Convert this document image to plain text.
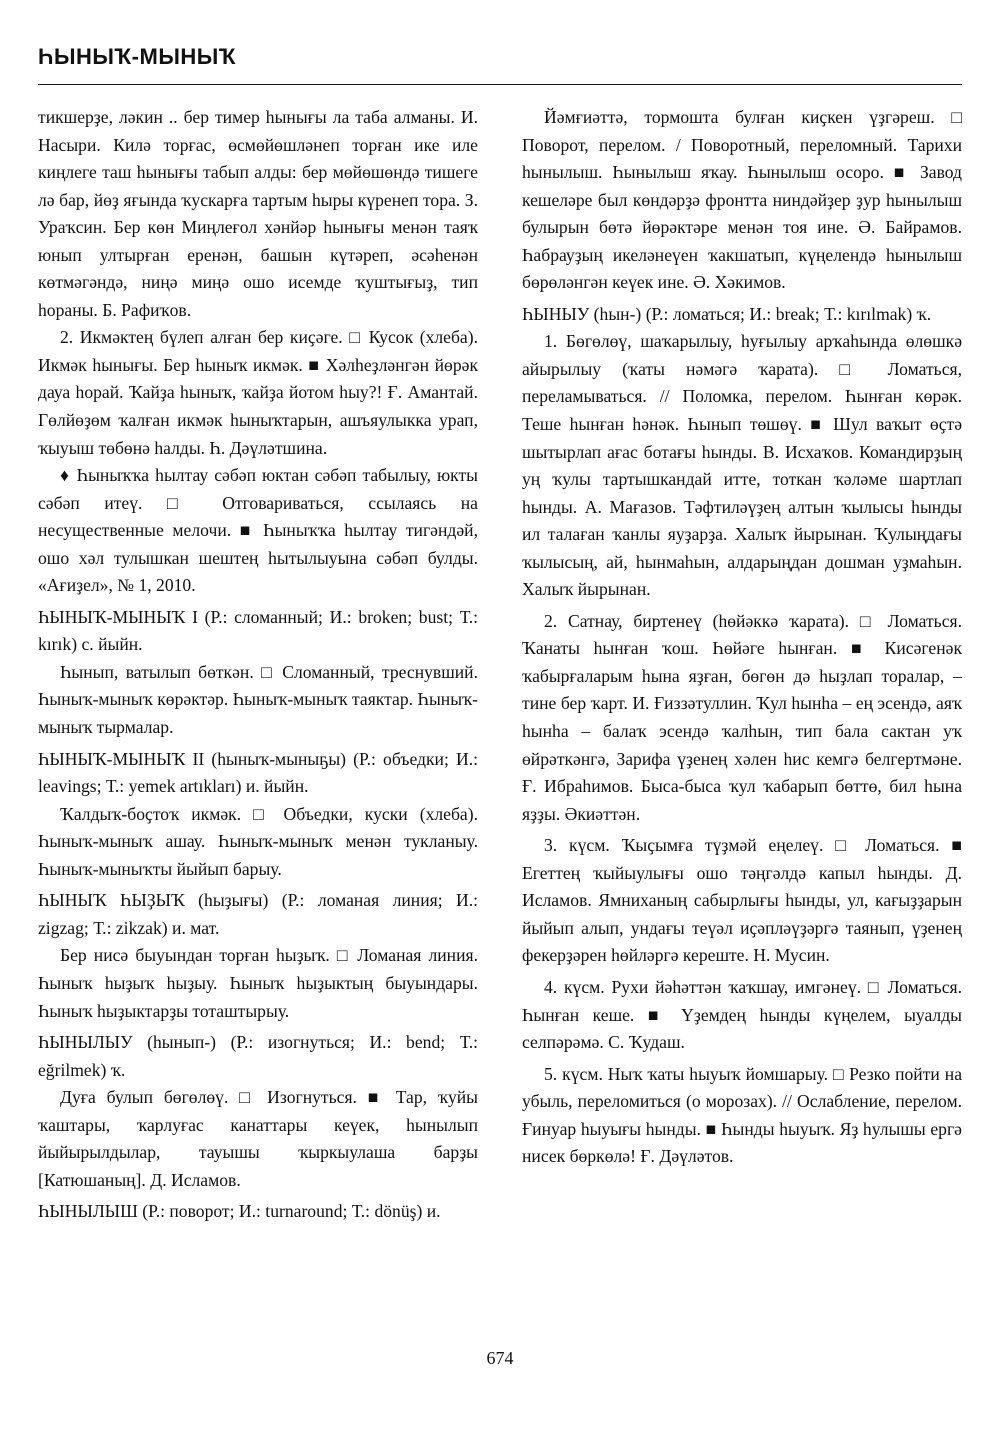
ҺЫНЫҠ-МЫНЫҠ

тикшерҙе, ләкин .. бер тимер һынығы ла таба алманы. И. Насыри. Килә торғас, өсмөйөшләнеп торған ике иле киңлеге таш һынығы табып алды: бер мөйөшөндә тишеге лә бар, йөҙ яғында ҡускарға тартым һыры күренеп тора. З. Ураҡсин. Бер көн Миңлеғол хәнйәр һынығы менән таяҡ юнып ултырған еренән, башын күтәреп, әсәһенән көтмәгәндә, ниңә миңә ошо исемде ҡуштығыҙ, тип һораны. Б. Рафиҡов.

2. Икмәктең бүлеп алған бер киҫәге. □ Кусок (хлеба). Икмәк һынығы. Бер һыныҡ икмәк. ■ Хәлһеҙләнгән йөрәк дауа һорай. Ҡайҙа һыныҡ, ҡайҙа йотом һыу?! Ғ. Амантай. Гөлйөҙөм ҡалған икмәк һыныҡтарын, ашъяулыкка урап, ҡыуыш төбөнә һалды. Һ. Дәүләтшина.

♦ Һыныҡҡа һылтау сәбәп юктан сәбәп табылыу, юкты сәбәп итеү. □ Отговариваться, ссылаясь на несущественные мелочи. ■ Һыныҡҡа һылтау тигәндәй, ошо хәл тулышкан шештең һытылыуына сәбәп булды. «Ағиҙел», № 1, 2010.

ҺЫНЫҠ-МЫНЫҠ I (Р.: сломанный; И.: broken; bust; Т.: kırık) с. йыйн.

Һынып, ватылып бөткән. □ Сломанный, треснувший. Һыныҡ-мыныҡ көрәктәр. Һыныҡ-мыныҡ таяктар. Һыныҡ-мыныҡ тырмалар.

ҺЫНЫҠ-МЫНЫҠ II (һыныҡ-мыныҕы) (Р.: объедки; И.: leavings; Т.: yemek artıkları) и. йыйн.

Ҡалдыҡ-боҫтоҡ икмәк. □ Объедки, куски (хлеба). Һыныҡ-мыныҡ ашау. Һыныҡ-мыныҡ менән тукланыу. Һыныҡ-мыныҡты йыйып барыу.

ҺЫНЫҠ ҺЫҘЫҠ (һыҙығы) (Р.: ломаная линия; И.: zigzag; Т.: zikzak) и. мат.

Бер нисә быуындан торған һыҙыҡ. □ Ломаная линия. Һыныҡ һыҙыҡ һыҙыу. Һыныҡ һыҙыктың быуындары. Һыныҡ һыҙыктарҙы тоташтырыу.

ҺЫНЫЛЫУ (һынып-) (Р.: изогнуться; И.: bend; Т.: eğrilmek) ҡ.

Дуға булып бөгөлөү. □ Изогнуться. ■ Тар, ҡуйы ҡаштары, ҡарлуғас канаттары кеүек, һынылып йыйырылдылар, тауышы ҡыркыулаша барҙы [Катюшаның]. Д. Исламов.

ҺЫНЫЛЫШ (Р.: поворот; И.: turnaround; Т.: dönüş) и.

Йәмғиәттә, тормошта булған киҫкен үҙгәреш. □ Поворот, перелом. / Поворотный, переломный. Тарихи һынылыш. Һынылыш яҡау. Һынылыш осоро. ■ Завод кешеләре был көндәрҙә фронтта ниндәйҙер ҙур һынылыш булырын бөтә йөрәктәре менән тоя ине. Ә. Байрамов. Һабрауҙың икеләнеүен ҡакшатып, күңелендә һынылыш бөрөләнгән кеүек ине. Ә. Хәкимов.

ҺЫНЫУ (һын-) (Р.: ломаться; И.: break; Т.: kırılmak) ҡ.

1. Бөгөлөү, шаҡарылыу, һуғылыу арҡаһында өлөшкә айырылыу (ҡаты нәмәгә ҡарата). □ Ломаться, переламываться. // Поломка, перелом. Һынған көрәк. Теше һынған һәнәк. Һынып төшөү. ■ Шул ваҡыт өҫтә шытырлап ағас ботағы һынды. В. Исхаҡов. Командирҙың уң ҡулы тартышкандай итте, тоткан ҡәләме шартлап һынды. А. Мағазов. Тәфтиләүҙең алтын ҡылысы һынды ил талаған ҡанлы яуҙарҙа. Халыҡ йырынан. Ҡулыңдағы ҡылысың, ай, һынмаһын, алдарыңдан дошман уҙмаһын. Халыҡ йырынан.

2. Сатнау, биртенеү (һөйәккә ҡарата). □ Ломаться. Ҡанаты һынған ҡош. Һөйәге һынған. ■ Кисәгенәк ҡабырғаларым һына яҙған, бөгөн дә һыҙлап торалар, – тине бер ҡарт. И. Ғиззәтуллин. Ҡул һынһа – ең эсендә, аяҡ һынһа – балаҡ эсендә ҡалһын, тип бала сактан уҡ өйрәткәнгә, Зарифа үҙенең хәлен һис кемгә белгертмәне. Ғ. Ибраһимов. Быса-быса ҡул ҡабарып бөттө, бил һына яҙҙы. Әкиәттән.

3. күсм. Ҡыҫымға түҙмәй еңелеү. □ Ломаться. ■ Егеттең ҡыйыулығы ошо тәңгәлдә капыл һынды. Д. Исламов. Ямниханың сабырлығы һынды, ул, кағыҙҙарын йыйып алып, ундағы теүәл иҫәпләүҙәргә таянып, үҙенең фекерҙәрен һөйләргә кереште. Н. Мусин.

4. күсм. Рухи йәһәттән ҡаҡшау, имгәнеү. □ Ломаться. Һынған кеше. ■ Үҙемдең һынды күңелем, ыуалды селпәрәмә. С. Ҡудаш.

5. күсм. Ныҡ ҡаты һыуыҡ йомшарыу. □ Резко пойти на убыль, переломиться (о морозах). // Ослабление, перелом. Ғинуар һыуығы һынды. ■ Һынды һыуыҡ. Яҙ һулышы ергә нисек бөркөлә! Ғ. Дәүләтов.

674
